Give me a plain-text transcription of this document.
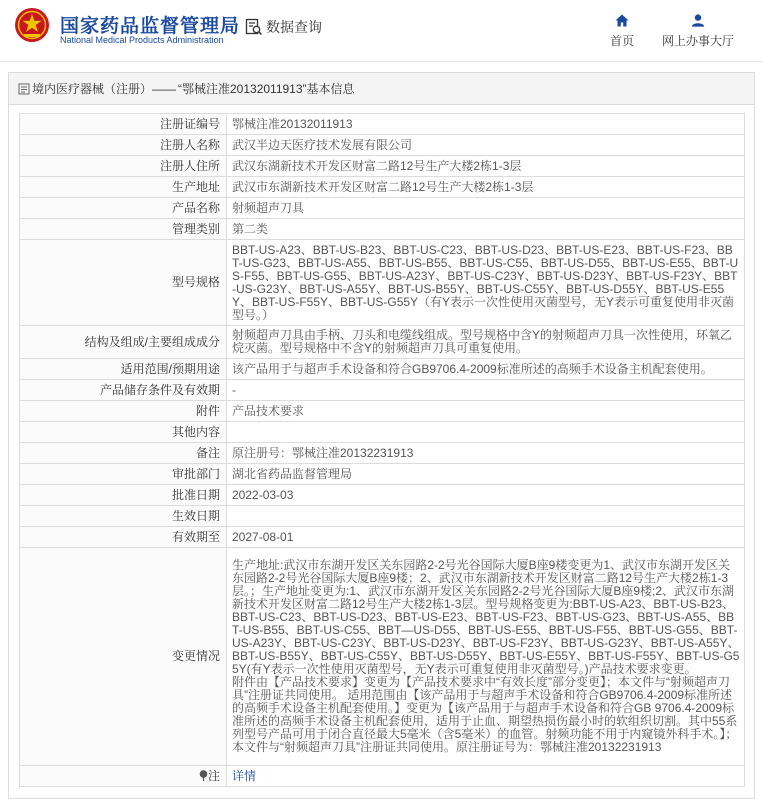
国家药品监督管理局
National Medical Products Administration
数据查询
首页 网上办事大厅
境内医疗器械（注册）—— “鄂械注准20132011913”基本信息
注册证编号	鄂械注准20132011913
注册人名称	武汉半边天医疗技术发展有限公司
注册人住所	武汉东湖新技术开发区财富二路12号生产大楼2栋1-3层
生产地址	武汉市东湖新技术开发区财富二路12号生产大楼2栋1-3层
产品名称	射频超声刀具
管理类别	第二类
型号规格	BBT-US-A23、BBT-US-B23、BBT-US-C23、BBT-US-D23、BBT-US-E23、BBT-US-F23、BBT-US-G23、BBT-US-A55、BBT-US-B55、BBT-US-C55、BBT-US-D55、BBT-US-E55、BBT-US-F55、BBT-US-G55、BBT-US-A23Y、BBT-US-C23Y、BBT-US-D23Y、BBT-US-F23Y、BBT-US-G23Y、BBT-US-A55Y、BBT-US-B55Y、BBT-US-C55Y、BBT-US-D55Y、BBT-US-E55Y、BBT-US-F55Y、BBT-US-G55Y（有Y表示一次性使用灭菌型号，无Y表示可重复使用非灭菌型号。）
结构及组成/主要组成成分	射频超声刀具由手柄、刀头和电缆线组成。型号规格中含Y的射频超声刀具一次性使用，环氧乙烷灭菌。型号规格中不含Y的射频超声刀具可重复使用。
适用范围/预期用途	该产品用于与超声手术设备和符合GB9706.4-2009标准所述的高频手术设备主机配套使用。
产品储存条件及有效期	-
附件	产品技术要求
其他内容	
备注	原注册号：鄂械注准20132231913
审批部门	湖北省药品监督管理局
批准日期	2022-03-03
生效日期	
有效期至	2027-08-01
变更情况	生产地址:武汉市东湖开发区关东园路2-2号光谷国际大厦B座9楼变更为1、武汉市东湖开发区关东园路2-2号光谷国际大厦B座9楼；2、武汉市东湖新技术开发区财富二路12号生产大楼2栋1-3层。；生产地址变更为:1、武汉市东湖开发区关东园路2-2号光谷国际大厦B座9楼;2、武汉市东湖新技术开发区财富二路12号生产大楼2栋1-3层。型号规格变更为:BBT-US-A23、BBT-US-B23、BBT-US-C23、BBT-US-D23、BBT-US-E23、BBT-US-F23、BBT-US-G23、BBT-US-A55、BBT-US-B55、BBT-US-C55、BBT—US-D55、BBT-US-E55、BBT-US-F55、BBT-US-G55、BBT-US-A23Y、BBT-US-C23Y、BBT-US-D23Y、BBT-US-F23Y、BBT-US-G23Y、BBT-US-A55Y、BBT-US-B55Y、BBT-US-C55Y、BBT-US-D55Y、BBT-US-E55Y、BBT-US-F55Y、BBT-US-G55Y(有Y表示一次性使用灭菌型号，无Y表示可重复使用非灭菌型号。)产品技术要求变更。
附件由【产品技术要求】变更为【产品技术要求中“有效长度”部分变更】；本文件与“射频超声刀具”注册证共同使用。 适用范围由【该产品用于与超声手术设备和符合GB9706.4-2009标准所述的高频手术设备主机配套使用。】变更为【该产品用于与超声手术设备和符合GB 9706.4-2009标准所述的高频手术设备主机配套使用，适用于止血、期望热损伤最小时的软组织切割。其中55系列型号产品可用于闭合直径最大5毫米（含5毫米）的血管。射频功能不用于内窥镜外科手术。】；本文件与“射频超声刀具”注册证共同使用。原注册证号为：鄂械注准20132231913
注	详情
